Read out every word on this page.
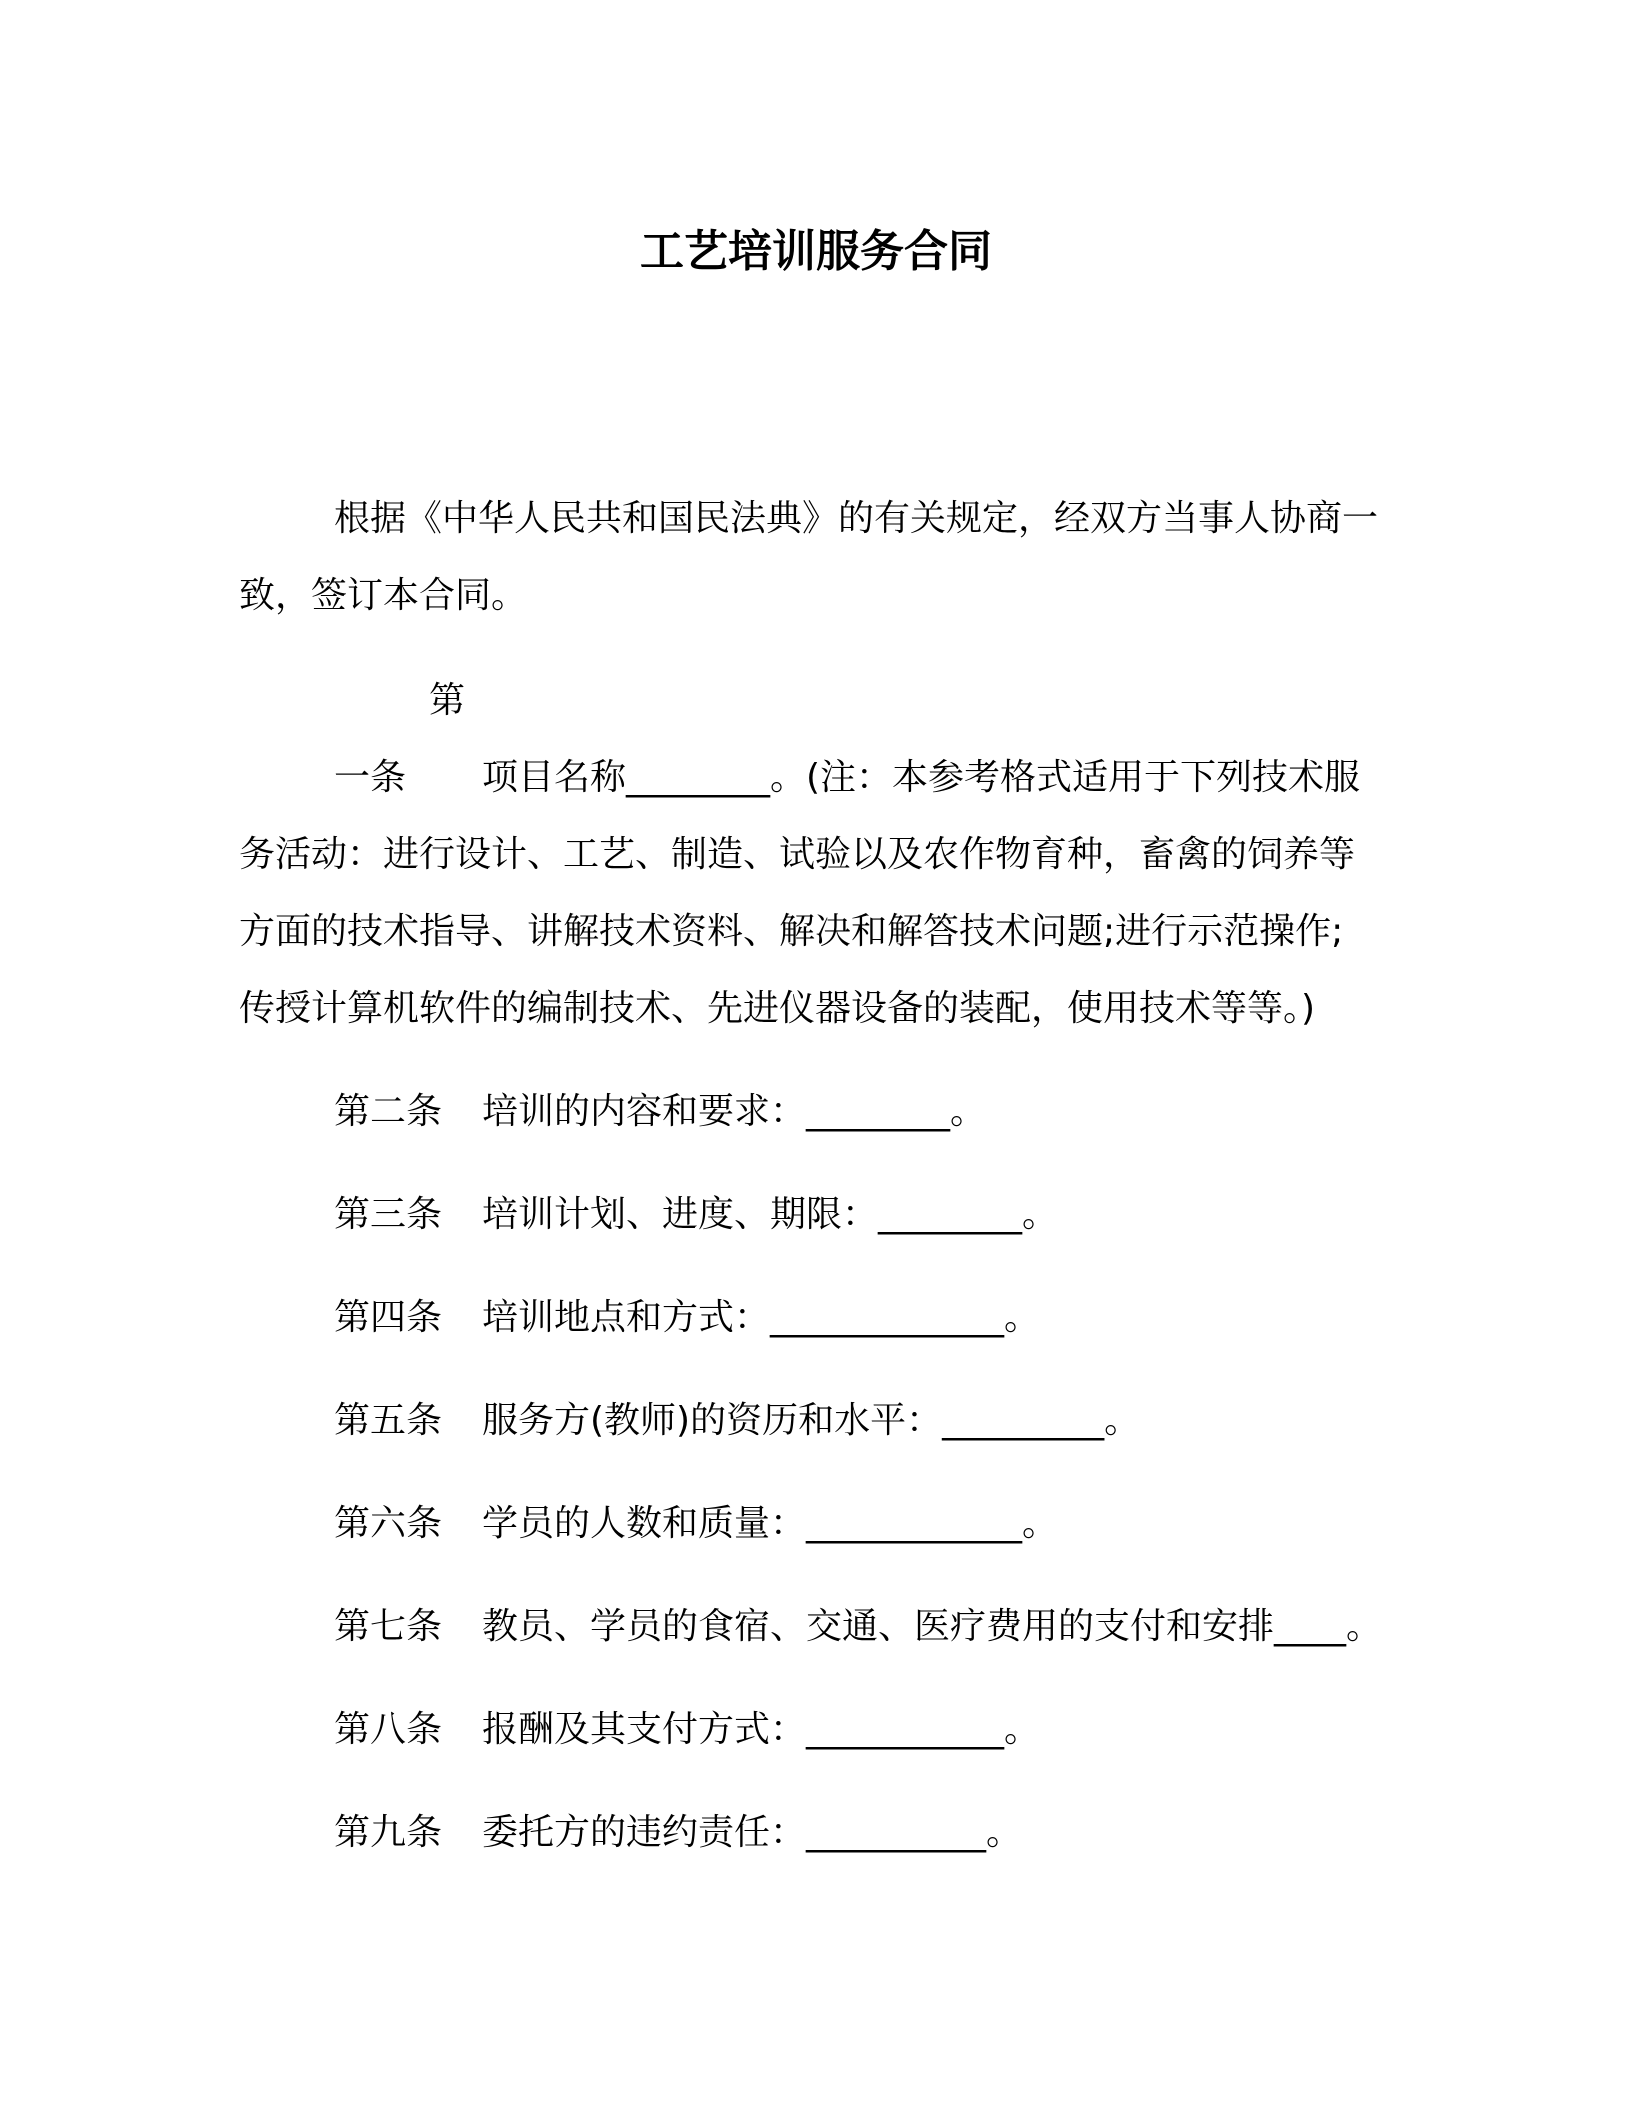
工艺培训服务合同

根据《中华人民共和国民法典》的有关规定，经双方当事人协商一致，签订本合同。

第一条 项目名称________。(注：本参考格式适用于下列技术服务活动：进行设计、工艺、制造、试验以及农作物育种，畜禽的饲养等方面的技术指导、讲解技术资料、解决和解答技术问题;进行示范操作;传授计算机软件的编制技术、先进仪器设备的装配，使用技术等等。)

第二条 培训的内容和要求：________。
第三条 培训计划、进度、期限：________。
第四条 培训地点和方式：_____________。
第五条 服务方(教师)的资历和水平：_________。
第六条 学员的人数和质量：____________。
第七条 教员、学员的食宿、交通、医疗费用的支付和安排____。
第八条 报酬及其支付方式：___________。
第九条 委托方的违约责任：__________。
